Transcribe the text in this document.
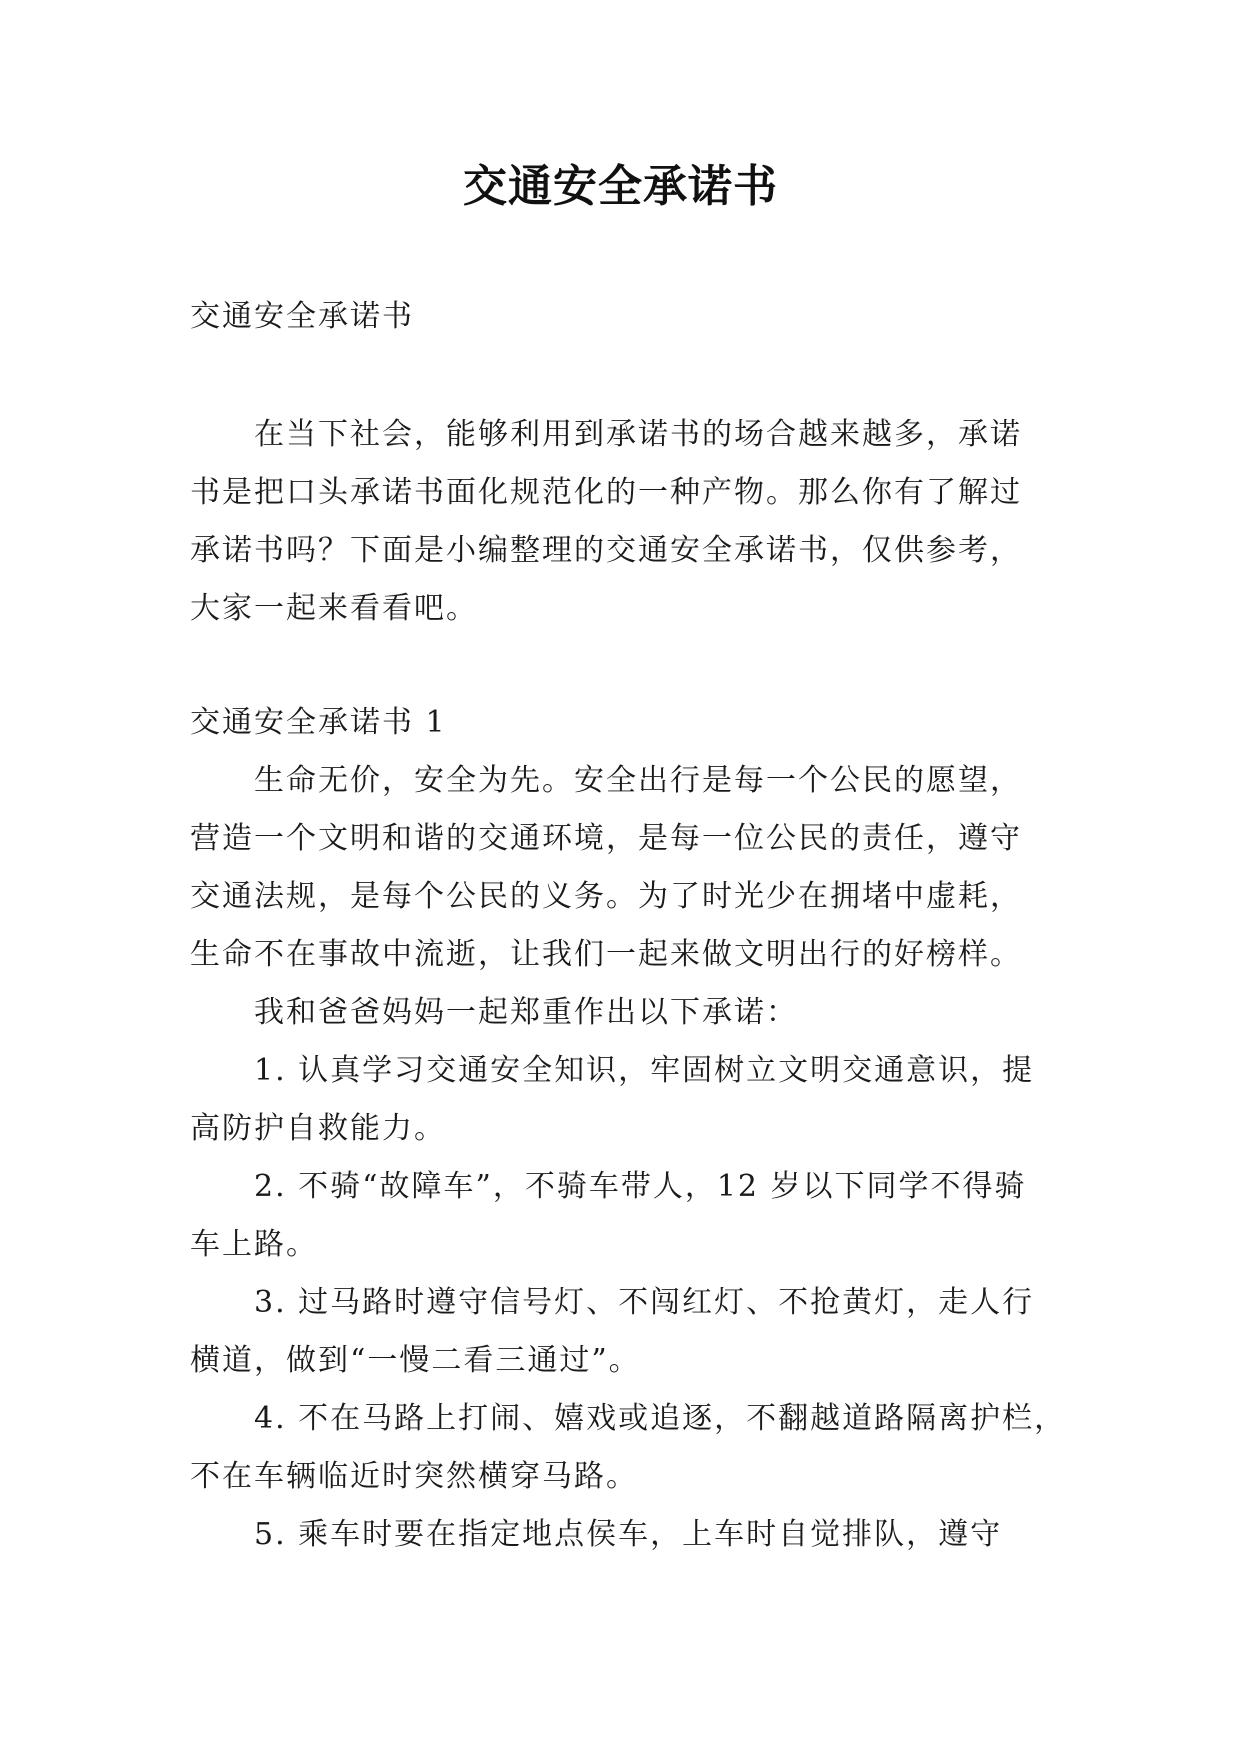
交通安全承诺书

交通安全承诺书

在当下社会，能够利用到承诺书的场合越来越多，承诺

书是把口头承诺书面化规范化的一种产物。那么你有了解过

承诺书吗？下面是小编整理的交通安全承诺书，仅供参考，

大家一起来看看吧。

交通安全承诺书 1

生命无价，安全为先。安全出行是每一个公民的愿望，

营造一个文明和谐的交通环境，是每一位公民的责任，遵守

交通法规，是每个公民的义务。为了时光少在拥堵中虚耗，

生命不在事故中流逝，让我们一起来做文明出行的好榜样。

我和爸爸妈妈一起郑重作出以下承诺：

1. 认真学习交通安全知识，牢固树立文明交通意识，提

高防护自救能力。

2. 不骑“故障车”，不骑车带人，12 岁以下同学不得骑

车上路。

3. 过马路时遵守信号灯、不闯红灯、不抢黄灯，走人行

横道，做到“一慢二看三通过”。

4. 不在马路上打闹、嬉戏或追逐，不翻越道路隔离护栏，

不在车辆临近时突然横穿马路。

5. 乘车时要在指定地点侯车，上车时自觉排队，遵守
